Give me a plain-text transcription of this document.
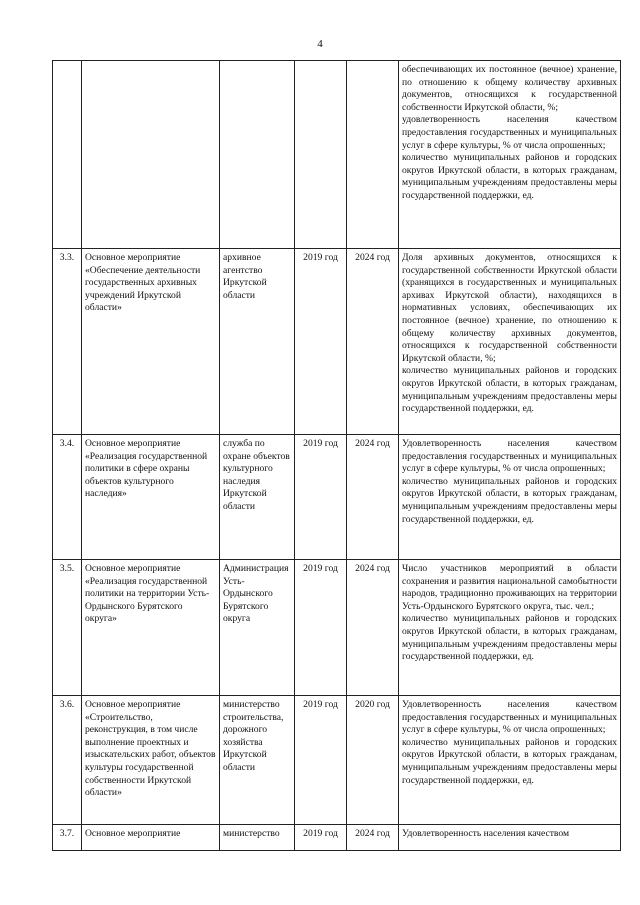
4

					обеспечивающих их постоянное (вечное) хранение, по отношению к общему количеству архивных документов, относящихся к государственной собственности Иркутской области, %;
удовлетворенность населения качеством предоставления государственных и муниципальных услуг в сфере культуры, % от числа опрошенных;
количество муниципальных районов и городских округов Иркутской области, в которых гражданам, муниципальным учреждениям предоставлены меры государственной поддержки, ед.

3.3.	Основное мероприятие «Обеспечение деятельности государственных архивных учреждений Иркутской области»	архивное агентство Иркутской области	2019 год	2024 год	Доля архивных документов, относящихся к государственной собственности Иркутской области (хранящихся в государственных и муниципальных архивах Иркутской области), находящихся в нормативных условиях, обеспечивающих их постоянное (вечное) хранение, по отношению к общему количеству архивных документов, относящихся к государственной собственности Иркутской области, %;
количество муниципальных районов и городских округов Иркутской области, в которых гражданам, муниципальным учреждениям предоставлены меры государственной поддержки, ед.

3.4.	Основное мероприятие «Реализация государственной политики в сфере охраны объектов культурного наследия»	служба по охране объектов культурного наследия Иркутской области	2019 год	2024 год	Удовлетворенность населения качеством предоставления государственных и муниципальных услуг в сфере культуры, % от числа опрошенных;
количество муниципальных районов и городских округов Иркутской области, в которых гражданам, муниципальным учреждениям предоставлены меры государственной поддержки, ед.

3.5.	Основное мероприятие «Реализация государственной политики на территории Усть-Ордынского Бурятского округа»	Администрация Усть-Ордынского Бурятского округа	2019 год	2024 год	Число участников мероприятий в области сохранения и развития национальной самобытности народов, традиционно проживающих на территории Усть-Ордынского Бурятского округа, тыс. чел.;
количество муниципальных районов и городских округов Иркутской области, в которых гражданам, муниципальным учреждениям предоставлены меры государственной поддержки, ед.

3.6.	Основное мероприятие «Строительство, реконструкция, в том числе выполнение проектных и изыскательских работ, объектов культуры государственной собственности Иркутской области»	министерство строительства, дорожного хозяйства Иркутской области	2019 год	2020 год	Удовлетворенность населения качеством предоставления государственных и муниципальных услуг в сфере культуры, % от числа опрошенных;
количество муниципальных районов и городских округов Иркутской области, в которых гражданам, муниципальным учреждениям предоставлены меры государственной поддержки, ед.

3.7.	Основное мероприятие	министерство	2019 год	2024 год	Удовлетворенность населения качеством
